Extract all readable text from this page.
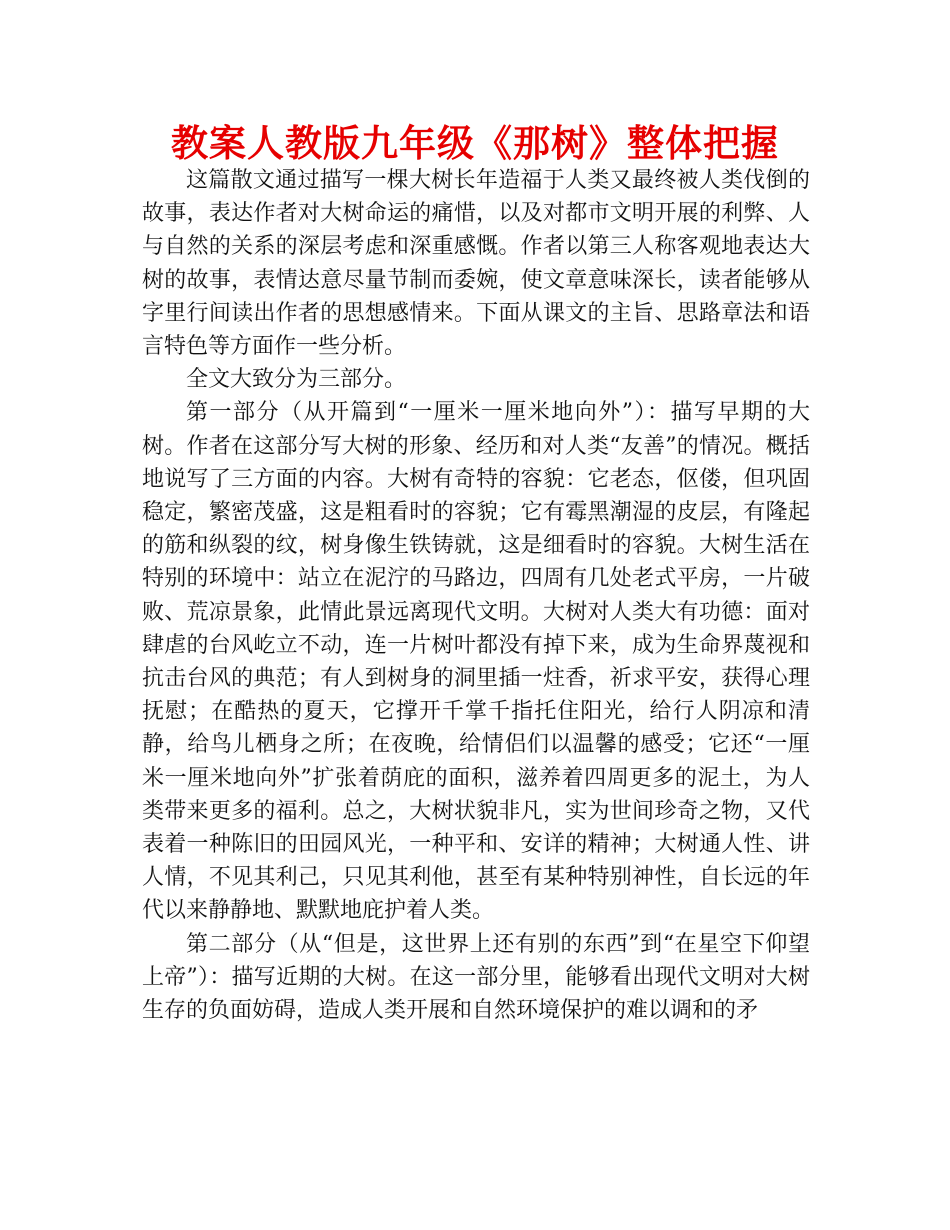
教案人教版九年级《那树》整体把握

这篇散文通过描写一棵大树长年造福于人类又最终被人类伐倒的故事，表达作者对大树命运的痛惜，以及对都市文明开展的利弊、人与自然的关系的深层考虑和深重感慨。作者以第三人称客观地表达大树的故事，表情达意尽量节制而委婉，使文章意味深长，读者能够从字里行间读出作者的思想感情来。下面从课文的主旨、思路章法和语言特色等方面作一些分析。

全文大致分为三部分。

第一部分（从开篇到“一厘米一厘米地向外”）：描写早期的大树。作者在这部分写大树的形象、经历和对人类“友善”的情况。概括地说写了三方面的内容。大树有奇特的容貌：它老态，伛偻，但巩固稳定，繁密茂盛，这是粗看时的容貌；它有霉黑潮湿的皮层，有隆起的筋和纵裂的纹，树身像生铁铸就，这是细看时的容貌。大树生活在特别的环境中：站立在泥泞的马路边，四周有几处老式平房，一片破败、荒凉景象，此情此景远离现代文明。大树对人类大有功德：面对肆虐的台风屹立不动，连一片树叶都没有掉下来，成为生命界蔑视和抗击台风的典范；有人到树身的洞里插一炷香，祈求平安，获得心理抚慰；在酷热的夏天，它撑开千掌千指托住阳光，给行人阴凉和清静，给鸟儿栖身之所；在夜晚，给情侣们以温馨的感受；它还“一厘米一厘米地向外”扩张着荫庇的面积，滋养着四周更多的泥土，为人类带来更多的福利。总之，大树状貌非凡，实为世间珍奇之物，又代表着一种陈旧的田园风光，一种平和、安详的精神；大树通人性、讲人情，不见其利己，只见其利他，甚至有某种特别神性，自长远的年代以来静静地、默默地庇护着人类。

第二部分（从“但是，这世界上还有别的东西”到“在星空下仰望上帝”）：描写近期的大树。在这一部分里，能够看出现代文明对大树生存的负面妨碍，造成人类开展和自然环境保护的难以调和的矛
